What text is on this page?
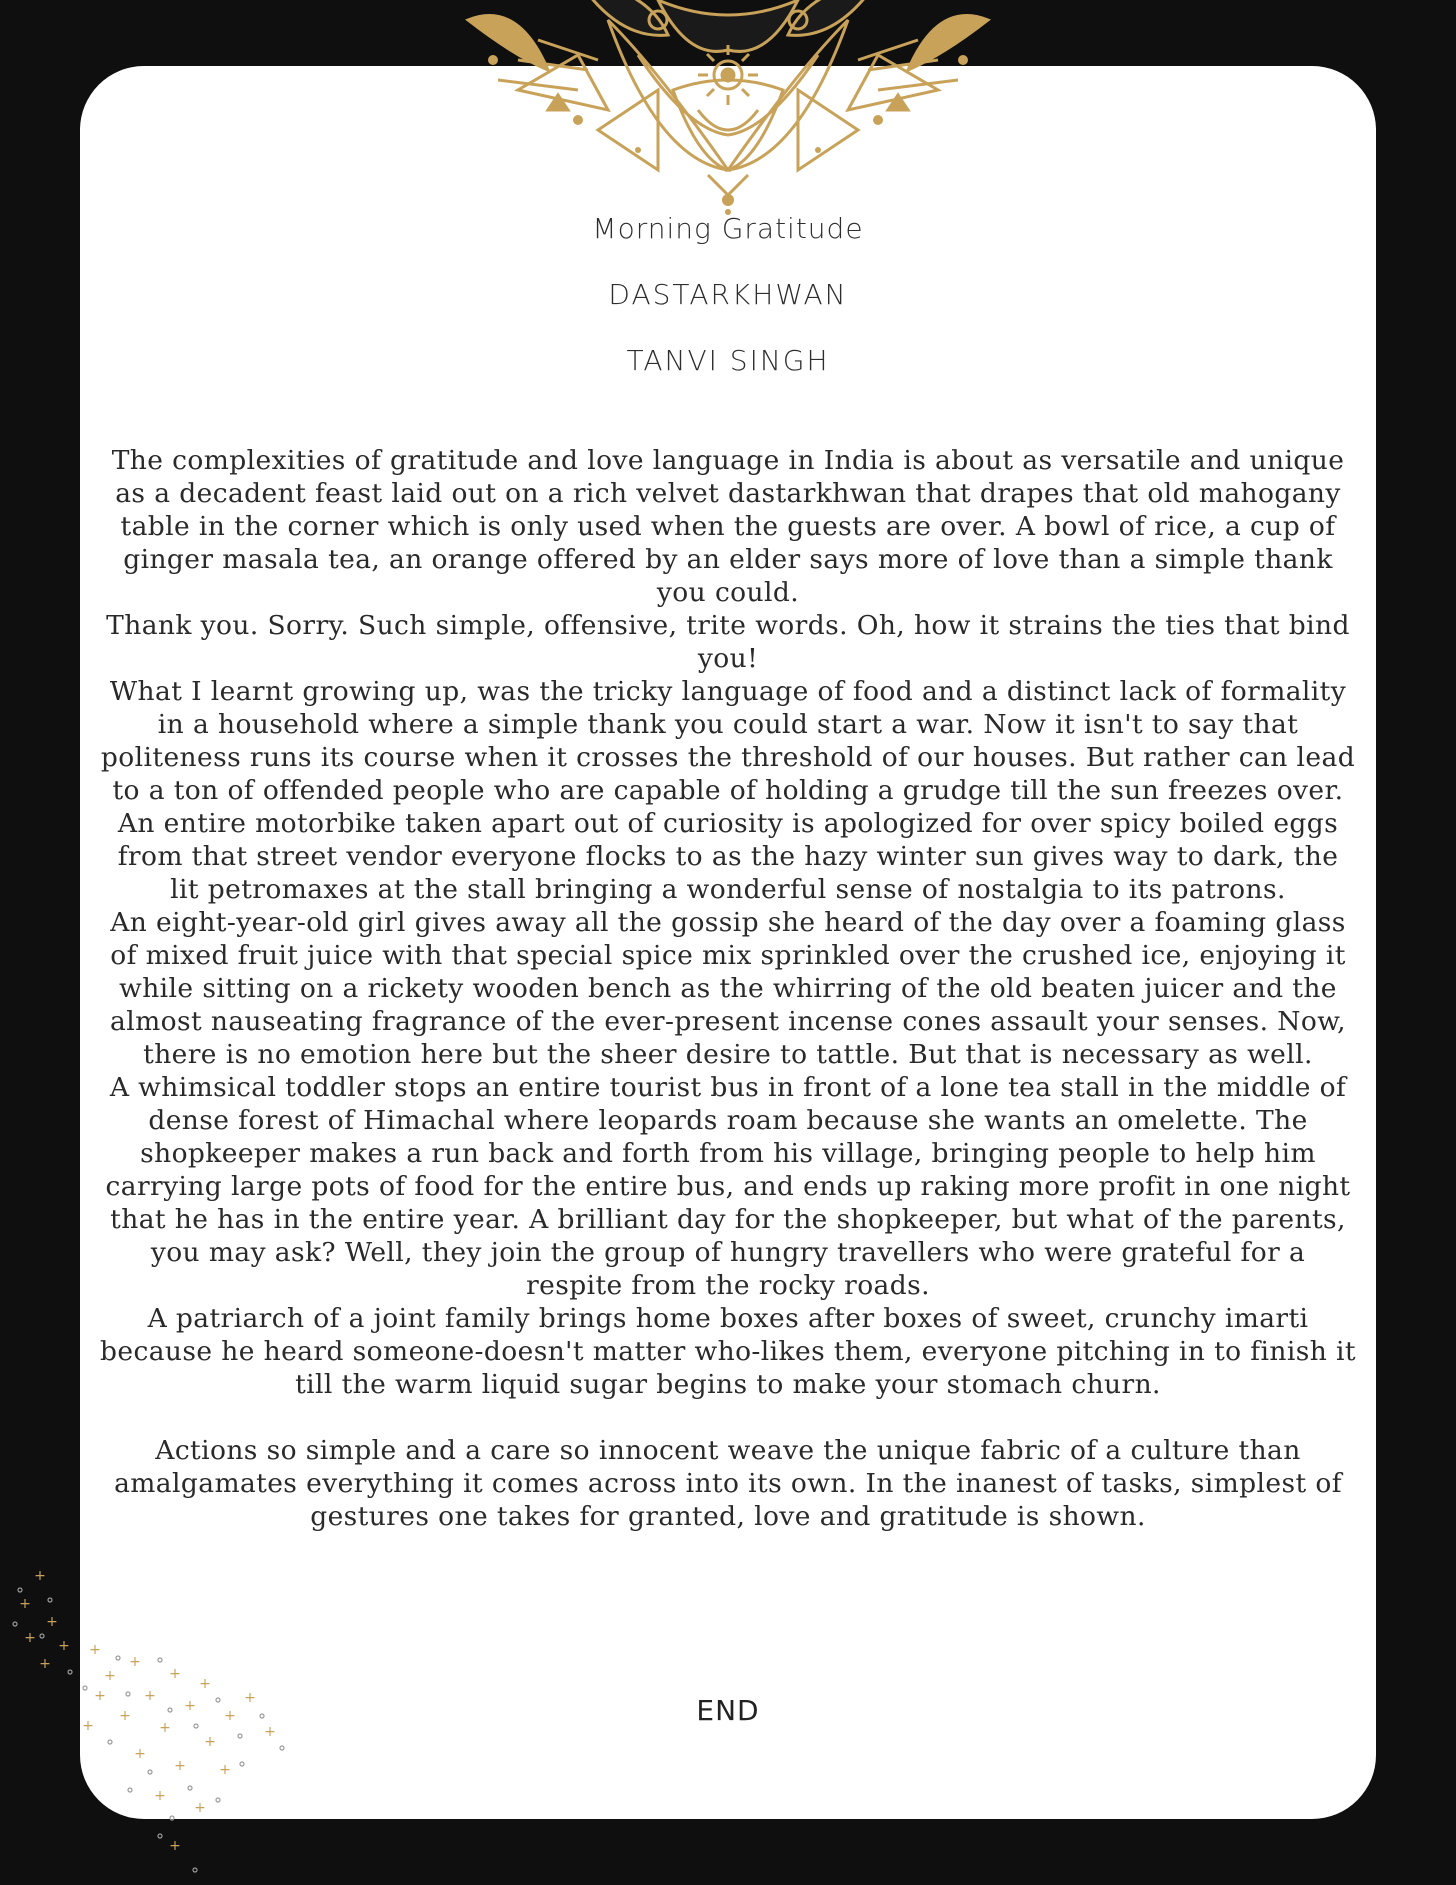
+
+
+
+ +
+
+
+
+
+
+
+
+
+
+
+
+
+
+
+
+ +
+
+
+
+
+
Morning Gratitude
DASTARKHWAN
TANVI SINGH

The complexities of gratitude and love language in India is about as versatile and unique as a decadent feast laid out on a rich velvet dastarkhwan that drapes that old mahogany table in the corner which is only used when the guests are over. A bowl of rice, a cup of ginger masala tea, an orange offered by an elder says more of love than a simple thank you could.

Thank you. Sorry. Such simple, offensive, trite words. Oh, how it strains the ties that bind you!

What I learnt growing up, was the tricky language of food and a distinct lack of formality in a household where a simple thank you could start a war. Now it isn't to say that politeness runs its course when it crosses the threshold of our houses. But rather can lead to a ton of offended people who are capable of holding a grudge till the sun freezes over.

An entire motorbike taken apart out of curiosity is apologized for over spicy boiled eggs from that street vendor everyone flocks to as the hazy winter sun gives way to dark, the lit petromaxes at the stall bringing a wonderful sense of nostalgia to its patrons.

An eight-year-old girl gives away all the gossip she heard of the day over a foaming glass of mixed fruit juice with that special spice mix sprinkled over the crushed ice, enjoying it while sitting on a rickety wooden bench as the whirring of the old beaten juicer and the almost nauseating fragrance of the ever-present incense cones assault your senses. Now, there is no emotion here but the sheer desire to tattle. But that is necessary as well.

A whimsical toddler stops an entire tourist bus in front of a lone tea stall in the middle of dense forest of Himachal where leopards roam because she wants an omelette. The shopkeeper makes a run back and forth from his village, bringing people to help him carrying large pots of food for the entire bus, and ends up raking more profit in one night that he has in the entire year. A brilliant day for the shopkeeper, but what of the parents, you may ask? Well, they join the group of hungry travellers who were grateful for a respite from the rocky roads.

A patriarch of a joint family brings home boxes after boxes of sweet, crunchy imarti because he heard someone-doesn't matter who-likes them, everyone pitching in to finish it till the warm liquid sugar begins to make your stomach churn.

Actions so simple and a care so innocent weave the unique fabric of a culture than amalgamates everything it comes across into its own. In the inanest of tasks, simplest of gestures one takes for granted, love and gratitude is shown.

END
